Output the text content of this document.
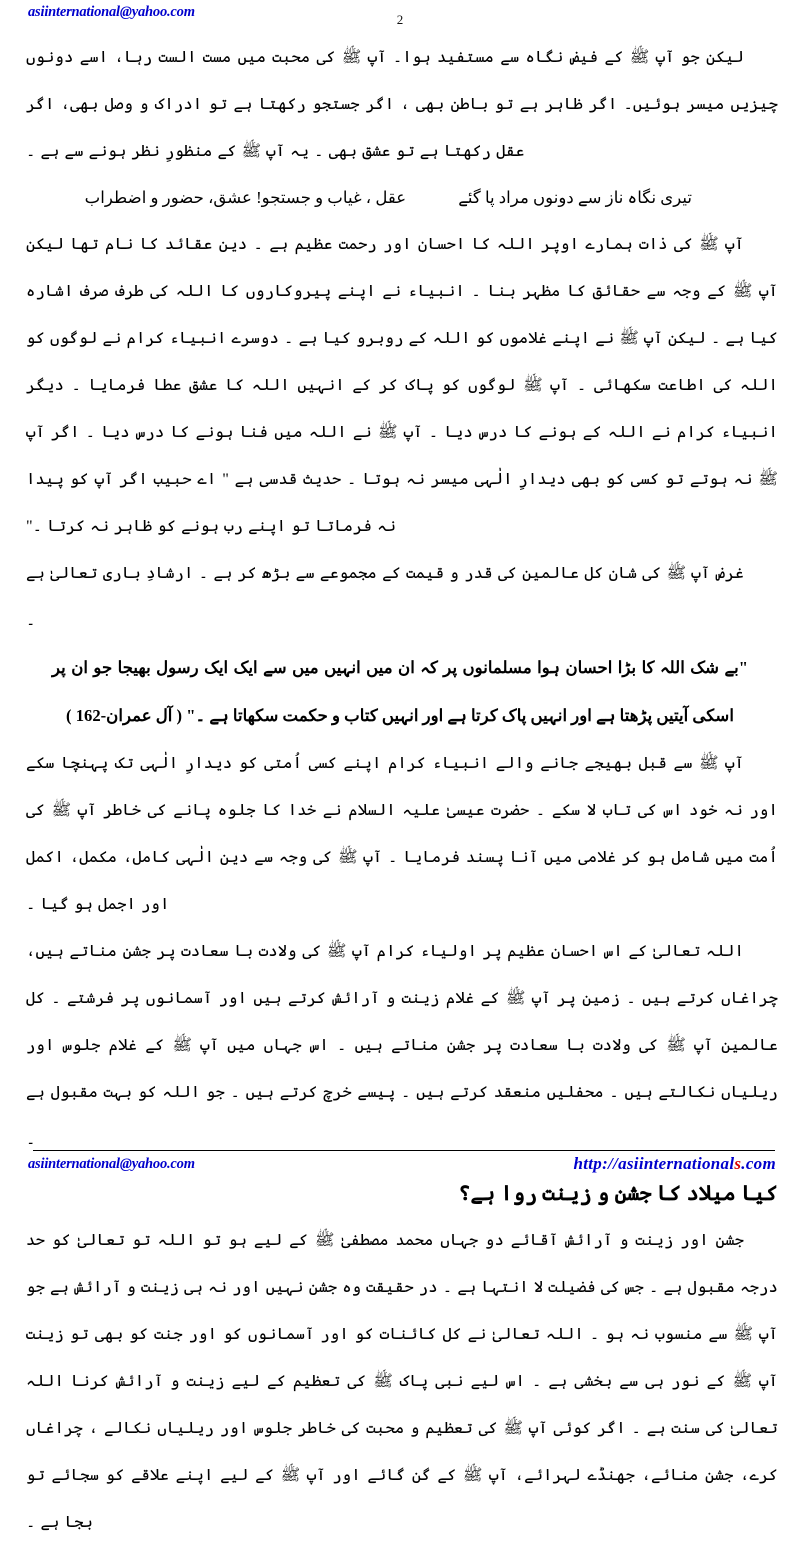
asiinternational@yahoo.com	2

لیکن جو آپ ﷺ کے فیض نگاہ سے مستفید ہوا۔ آپ ﷺ کی محبت میں مست الست رہا، اسے دونوں چیزیں میسر ہوئیں۔ اگر ظاہر ہے تو باطن بھی ، اگر جستجو رکھتا ہے تو ادراک و وصل بھی، اگر عقل رکھتا ہے تو عشق بھی ۔ یہ آپ ﷺ کے منظورِ نظر ہونے سے ہے ۔

تیری نگاہ ناز سے دونوں مراد پا گئے
عقل ، غیاب و جستجو! عشق، حضور و اضطراب

آپ ﷺ کی ذات ہمارے اوپر اللہ کا احسان اور رحمت عظیم ہے ۔ دین عقائد کا نام تھا لیکن آپ ﷺ کے وجہ سے حقائق کا مظہر بنا ۔ انبیاء نے اپنے پیروکاروں کا اللہ کی طرف صرف اشارہ کیا ہے ۔ لیکن آپ ﷺ نے اپنے غلاموں کو اللہ کے روبرو کیا ہے ۔ دوسرے انبیاء کرام نے لوگوں کو اللہ کی اطاعت سکھائی ۔ آپ ﷺ لوگوں کو پاک کر کے انہیں اللہ کا عشق عطا فرمایا ۔ دیگر انبیاء کرام نے اللہ کے ہونے کا درس دیا ۔ آپ ﷺ نے اللہ میں فنا ہونے کا درس دیا ۔ اگر آپ ﷺ نہ ہوتے تو کسی کو بھی دیدارِ الٰہی میسر نہ ہوتا ۔ حدیث قدسی ہے " اے حبیب اگر آپ کو پیدا نہ فرماتا تو اپنے رب ہونے کو ظاہر نہ کرتا ۔"

غرض آپ ﷺ کی شان کل عالمین کی قدر و قیمت کے مجموعے سے بڑھ کر ہے ۔ ارشادِ باری تعالیٰ ہے ۔

"بے شک اللہ کا بڑا احسان ہوا مسلمانوں پر کہ ان میں انہیں میں سے ایک ایک رسول بھیجا جو ان پر اسکی آیتیں پڑھتا ہے اور انہیں پاک کرتا ہے اور انہیں کتاب و حکمت سکھاتا ہے ۔" ( آل عمران-162 )

آپ ﷺ سے قبل بھیجے جانے والے انبیاء کرام اپنے کسی اُمتی کو دیدارِ الٰہی تک پہنچا سکے اور نہ خود اس کی تاب لا سکے ۔ حضرت عیسیٰ علیہ السلام نے خدا کا جلوہ پانے کی خاطر آپ ﷺ کی اُمت میں شامل ہو کر غلامی میں آنا پسند فرمایا ۔ آپ ﷺ کی وجہ سے دین الٰہی کامل، مکمل، اکمل اور اجمل ہو گیا ۔

اللہ تعالیٰ کے اس احسان عظیم پر اولیاء کرام آپ ﷺ کی ولادت با سعادت پر جشن مناتے ہیں، چراغاں کرتے ہیں ۔ زمین پر آپ ﷺ کے غلام زینت و آرائش کرتے ہیں اور آسمانوں پر فرشتے ۔ کل عالمین آپ ﷺ کی ولادت با سعادت پر جشن مناتے ہیں ۔ اس جہاں میں آپ ﷺ کے غلام جلوس اور ریلیاں نکالتے ہیں ۔ محفلیں منعقد کرتے ہیں ۔ پیسے خرچ کرتے ہیں ۔ جو اللہ کو بہت مقبول ہے ۔

کیا میلاد کا جشن و زینت روا ہے؟

جشن اور زینت و آرائش آقائے دو جہاں محمد مصطفیٰ ﷺ کے لیے ہو تو اللہ تو تعالیٰ کو حد درجہ مقبول ہے ۔ جس کی فضیلت لا انتہا ہے ۔ در حقیقت وہ جشن نہیں اور نہ ہی زینت و آرائش ہے جو آپ ﷺ سے منسوب نہ ہو ۔ اللہ تعالیٰ نے کل کائنات کو اور آسمانوں کو اور جنت کو بھی تو زینت آپ ﷺ کے نور ہی سے بخشی ہے ۔ اس لیے نبی پاک ﷺ کی تعظیم کے لیے زینت و آرائش کرنا اللہ تعالیٰ کی سنت ہے ۔ اگر کوئی آپ ﷺ کی تعظیم و محبت کی خاطر جلوس اور ریلیاں نکالے ، چراغاں کرے، جشن منائے، جھنڈے لہرائے، آپ ﷺ کے گن گائے اور آپ ﷺ کے لیے اپنے علاقے کو سجائے تو بجا ہے ۔

asiinternational@yahoo.com	http://asiinternationals.com
